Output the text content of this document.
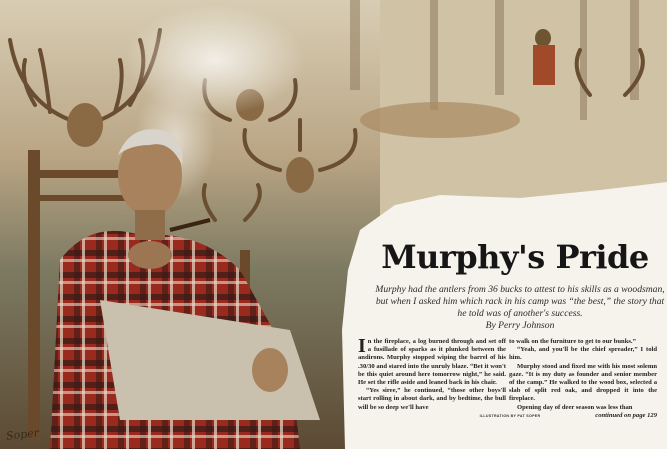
Murphy's Pride
Murphy had the antlers from 36 bucks to attest to his skills as a woodsman, but when I asked him which rack in his camp was “the best,” the story that he told was of another's success.
By Perry Johnson
I n the fireplace, a log burned through and set off a fusillade of sparks as it plunked between the andirons. Murphy stopped wiping the barrel of his .30/30 and stared into the unruly blaze. “Bet it won't be this quiet around here tomorrow night,” he said. He set the rifle aside and leaned back in his chair.

“Yes siree,” he continued, “those other boys'll start rolling in about dark, and by bedtime, the bull will be so deep we'll have

to walk on the furniture to get to our bunks.”

“Yeah, and you'll be the chief spreader,” I told him.

Murphy stood and fixed me with his most solemn gaze. “It is my duty as founder and senior member of the camp.” He walked to the wood box, selected a slab of split red oak, and dropped it into the fireplace.

Opening day of deer season was less than

continued on page 129
ILLUSTRATION BY PAT SOPER
Soper
